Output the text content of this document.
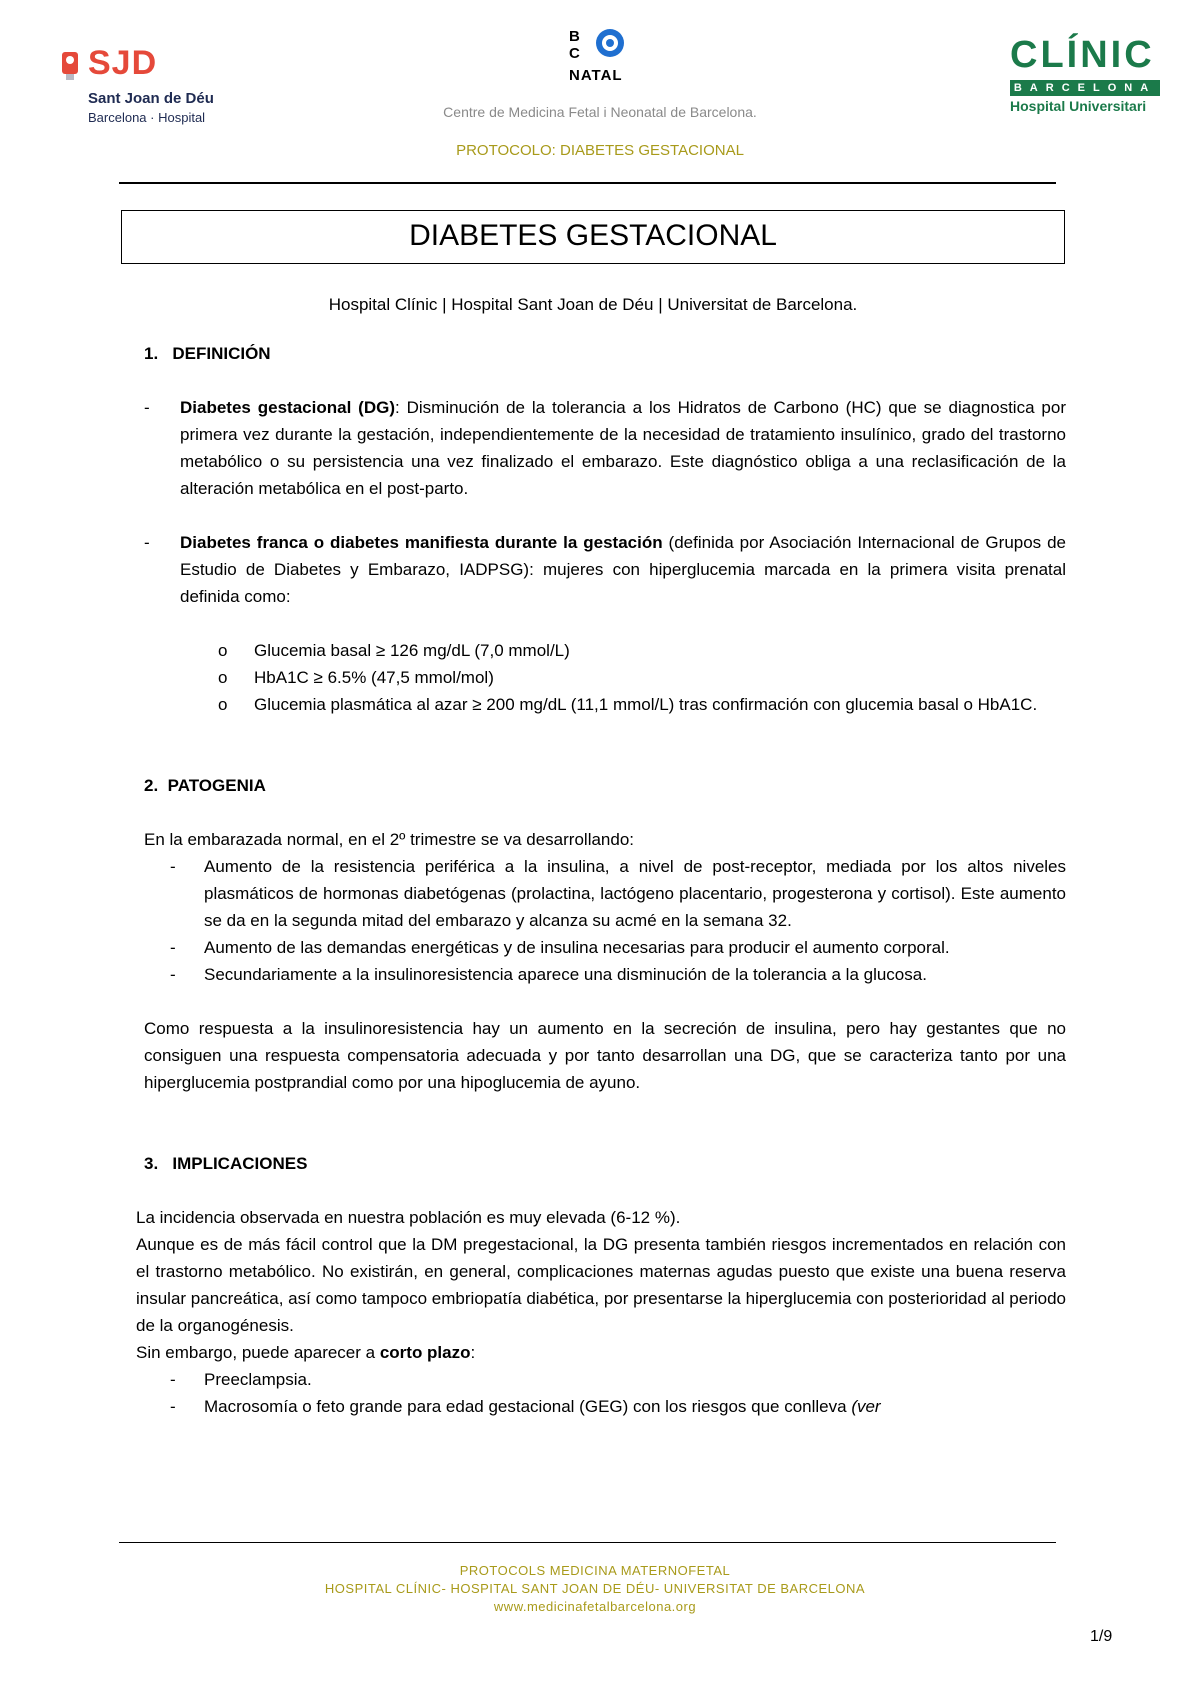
SJD
Sant Joan de Déu
Barcelona · Hospital
B
C
NATAL
Centre de Medicina Fetal i Neonatal de Barcelona.
PROTOCOLO: DIABETES GESTACIONAL
CLÍNIC
BARCELONA
Hospital Universitari
DIABETES GESTACIONAL
Hospital Clínic | Hospital Sant Joan de Déu | Universitat de Barcelona.

1.   DEFINICIÓN

- Diabetes gestacional (DG): Disminución de la tolerancia a los Hidratos de Carbono (HC) que se diagnostica por primera vez durante la gestación, independientemente de la necesidad de tratamiento insulínico, grado del trastorno metabólico o su persistencia una vez finalizado el embarazo. Este diagnóstico obliga a una reclasificación de la alteración metabólica en el post-parto.
- Diabetes franca o diabetes manifiesta durante la gestación (definida por Asociación Internacional de Grupos de Estudio de Diabetes y Embarazo, IADPSG): mujeres con hiperglucemia marcada en la primera visita prenatal definida como:
o Glucemia basal ≥ 126 mg/dL (7,0 mmol/L)
o HbA1C ≥ 6.5% (47,5 mmol/mol)
o Glucemia plasmática al azar ≥ 200 mg/dL (11,1 mmol/L) tras confirmación con glucemia basal o HbA1C.

2.  PATOGENIA

En la embarazada normal, en el 2º trimestre se va desarrollando:

- Aumento de la resistencia periférica a la insulina, a nivel de post-receptor, mediada por los altos niveles plasmáticos de hormonas diabetógenas (prolactina, lactógeno placentario, progesterona y cortisol). Este aumento se da en la segunda mitad del embarazo y alcanza su acmé en la semana 32.
- Aumento de las demandas energéticas y de insulina necesarias para producir el aumento corporal.
- Secundariamente a la insulinoresistencia aparece una disminución de la tolerancia a la glucosa.

Como respuesta a la insulinoresistencia hay un aumento en la secreción de insulina, pero hay gestantes que no consiguen una respuesta compensatoria adecuada y por tanto desarrollan una DG, que se caracteriza tanto por una hiperglucemia postprandial como por una hipoglucemia de ayuno.

3.   IMPLICACIONES

La incidencia observada en nuestra población es muy elevada (6-12 %).

Aunque es de más fácil control que la DM pregestacional, la DG presenta también riesgos incrementados en relación con el trastorno metabólico. No existirán, en general, complicaciones maternas agudas puesto que existe una buena reserva insular pancreática, así como tampoco embriopatía diabética, por presentarse la hiperglucemia con posterioridad al periodo de la organogénesis.

Sin embargo, puede aparecer a corto plazo:

- Preeclampsia.
- Macrosomía o feto grande para edad gestacional (GEG) con los riesgos que conlleva (ver
PROTOCOLS MEDICINA MATERNOFETAL
HOSPITAL CLÍNIC- HOSPITAL SANT JOAN DE DÉU- UNIVERSITAT DE BARCELONA
www.medicinafetalbarcelona.org
1/9
